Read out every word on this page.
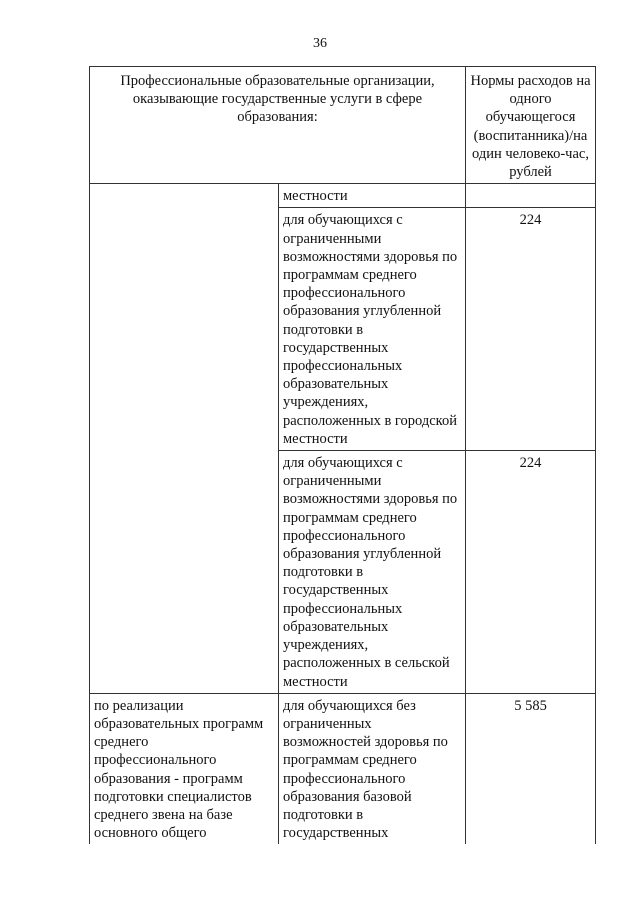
36
Профессиональные образовательные организации, оказывающие государственные услуги в сфере образования:		Нормы расходов на одного обучающегося (воспитанника)/на один человеко-час, рублей
	местности	
	для обучающихся с ограниченными возможностями здоровья по программам среднего профессионального образования углубленной подготовки в государственных профессиональных образовательных учреждениях, расположенных в городской местности	224
	для обучающихся с ограниченными возможностями здоровья по программам среднего профессионального образования углубленной подготовки в государственных профессиональных образовательных учреждениях, расположенных в сельской местности	224
по реализации образовательных программ среднего профессионального образования - программ подготовки специалистов среднего звена на базе основного общего	для обучающихся без ограниченных возможностей здоровья по программам среднего профессионального образования базовой подготовки в государственных	5 585
